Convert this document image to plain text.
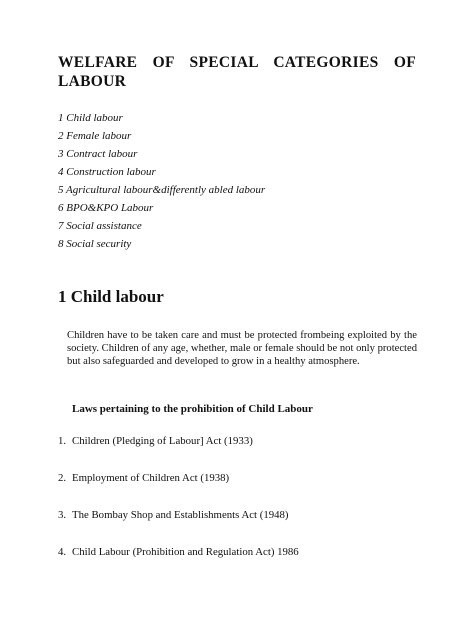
WELFARE OF SPECIAL CATEGORIES OF
LABOUR
1 Child labour
2 Female labour
3 Contract labour
4 Construction labour
5 Agricultural labour&differently abled labour
6 BPO&KPO Labour
7 Social assistance
8 Social security
1 Child labour

Children have to be taken care and must be protected frombeing exploited by the society. Children of any age, whether, male or female should be not only protected but also safeguarded and developed to grow in a healthy atmosphere.

Laws pertaining to the prohibition of Child Labour

1. Children (Pledging of Labour] Act (1933)
2. Employment of Children Act (1938)
3. The Bombay Shop and Establishments Act (1948)
4. Child Labour (Prohibition and Regulation Act) 1986
